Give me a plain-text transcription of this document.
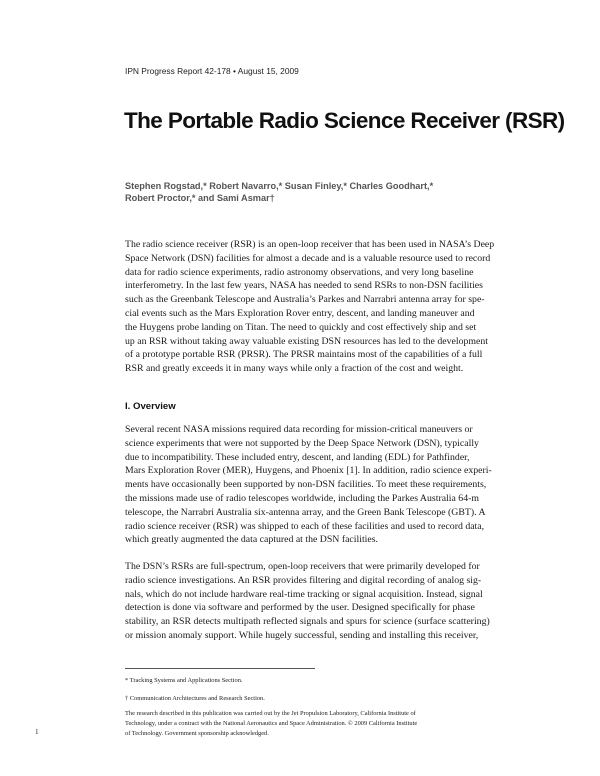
IPN Progress Report 42-178 • August 15, 2009
The Portable Radio Science Receiver (RSR)
Stephen Rogstad,* Robert Navarro,* Susan Finley,* Charles Goodhart,*
Robert Proctor,* and Sami Asmar†
The radio science receiver (RSR) is an open-loop receiver that has been used in NASA’s Deep
Space Network (DSN) facilities for almost a decade and is a valuable resource used to record
data for radio science experiments, radio astronomy observations, and very long baseline
interferometry. In the last few years, NASA has needed to send RSRs to non-DSN facilities
such as the Greenbank Telescope and Australia’s Parkes and Narrabri antenna array for spe-
cial events such as the Mars Exploration Rover entry, descent, and landing maneuver and
the Huygens probe landing on Titan. The need to quickly and cost effectively ship and set
up an RSR without taking away valuable existing DSN resources has led to the development
of a prototype portable RSR (PRSR). The PRSR maintains most of the capabilities of a full
RSR and greatly exceeds it in many ways while only a fraction of the cost and weight.
I. Overview
Several recent NASA missions required data recording for mission-critical maneuvers or
science experiments that were not supported by the Deep Space Network (DSN), typically
due to incompatibility. These included entry, descent, and landing (EDL) for Pathfinder,
Mars Exploration Rover (MER), Huygens, and Phoenix [1]. In addition, radio science experi-
ments have occasionally been supported by non-DSN facilities. To meet these requirements,
the missions made use of radio telescopes worldwide, including the Parkes Australia 64-m
telescope, the Narrabri Australia six-antenna array, and the Green Bank Telescope (GBT). A
radio science receiver (RSR) was shipped to each of these facilities and used to record data,
which greatly augmented the data captured at the DSN facilities.
The DSN’s RSRs are full-spectrum, open-loop receivers that were primarily developed for
radio science investigations. An RSR provides filtering and digital recording of analog sig-
nals, which do not include hardware real-time tracking or signal acquisition. Instead, signal
detection is done via software and performed by the user. Designed specifically for phase
stability, an RSR detects multipath reflected signals and spurs for science (surface scattering)
or mission anomaly support. While hugely successful, sending and installing this receiver,
* Tracking Systems and Applications Section.
† Communication Architectures and Research Section.
The research described in this publication was carried out by the Jet Propulsion Laboratory, California Institute of
Technology, under a contract with the National Aeronautics and Space Administration. © 2009 California Institute
of Technology. Government sponsorship acknowledged.
1
